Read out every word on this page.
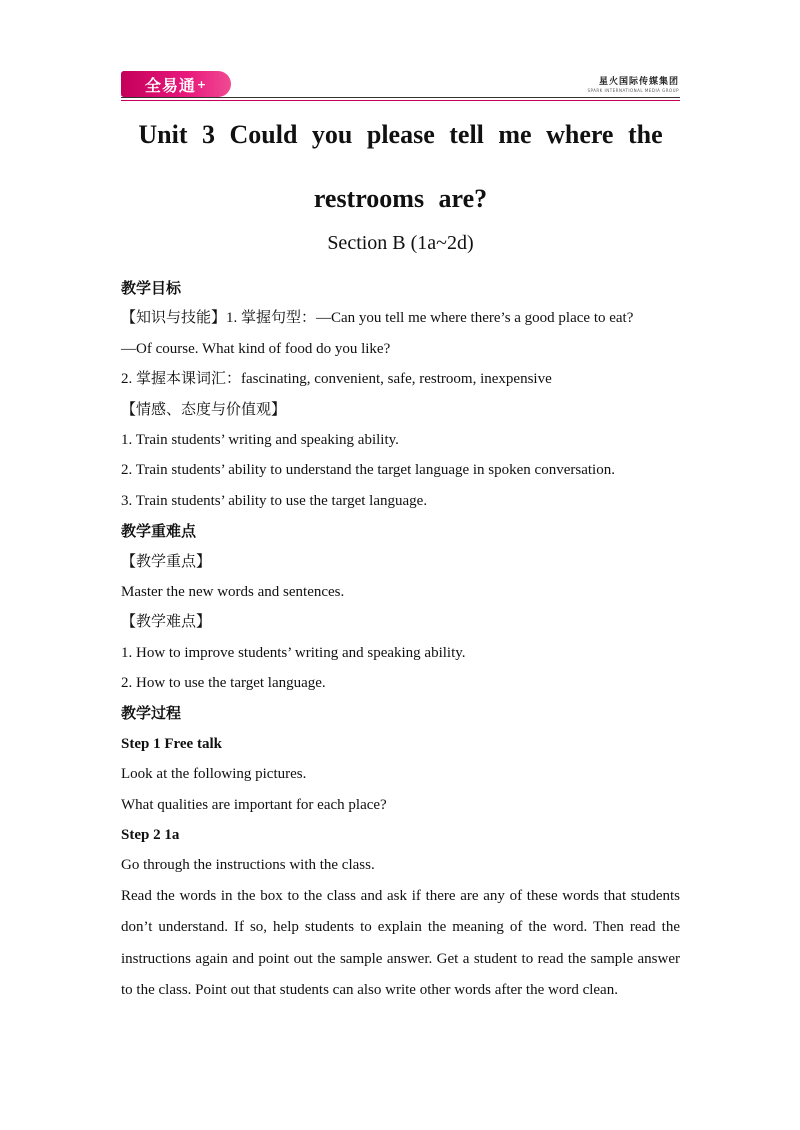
全易通 +	星火国际传媒集团
SPARK INTERNATIONAL MEDIA GROUP
Unit 3 Could you please tell me where the
restrooms are?
Section B (1a~2d)
教学目标
【知识与技能】1. 掌握句型：—Can you tell me where there’s a good place to eat?
—Of course. What kind of food do you like?
2. 掌握本课词汇：fascinating, convenient, safe, restroom, inexpensive
【情感、态度与价值观】
1. Train students’ writing and speaking ability.
2. Train students’ ability to understand the target language in spoken conversation.
3. Train students’ ability to use the target language.
教学重难点
【教学重点】
Master the new words and sentences.
【教学难点】
1. How to improve students’ writing and speaking ability.
2. How to use the target language.
教学过程
Step 1 Free talk
Look at the following pictures.
What qualities are important for each place?
Step 2 1a
Go through the instructions with the class.
Read the words in the box to the class and ask if there are any of these words that students don’t understand. If so, help students to explain the meaning of the word. Then read the instructions again and point out the sample answer. Get a student to read the sample answer to the class. Point out that students can also write other words after the word clean.
